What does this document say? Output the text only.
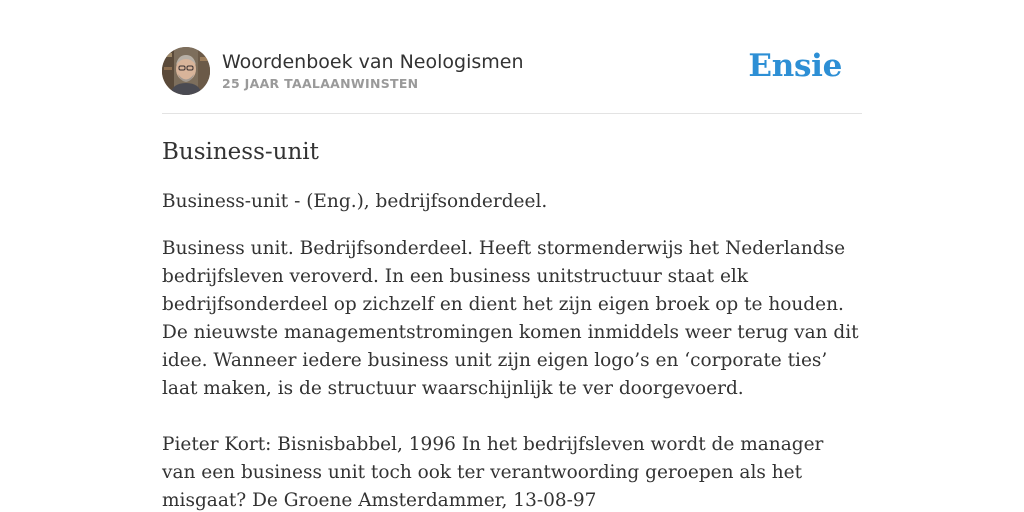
Woordenboek van Neologismen
25 JAAR TAALAANWINSTEN	Ensie
Business-unit

Business-unit - (Eng.), bedrijfsonderdeel.

Business unit. Bedrijfsonderdeel. Heeft stormenderwijs het Nederlandse bedrijfsleven veroverd. In een business unitstructuur staat elk bedrijfsonderdeel op zichzelf en dient het zijn eigen broek op te houden. De nieuwste managementstromingen komen inmiddels weer terug van dit idee. Wanneer iedere business unit zijn eigen logo’s en ‘corporate ties’ laat maken, is de structuur waarschijnlijk te ver doorgevoerd.

Pieter Kort: Bisnisbabbel, 1996 In het bedrijfsleven wordt de manager van een business unit toch ook ter verantwoording geroepen als het misgaat? De Groene Amsterdammer, 13-08-97
